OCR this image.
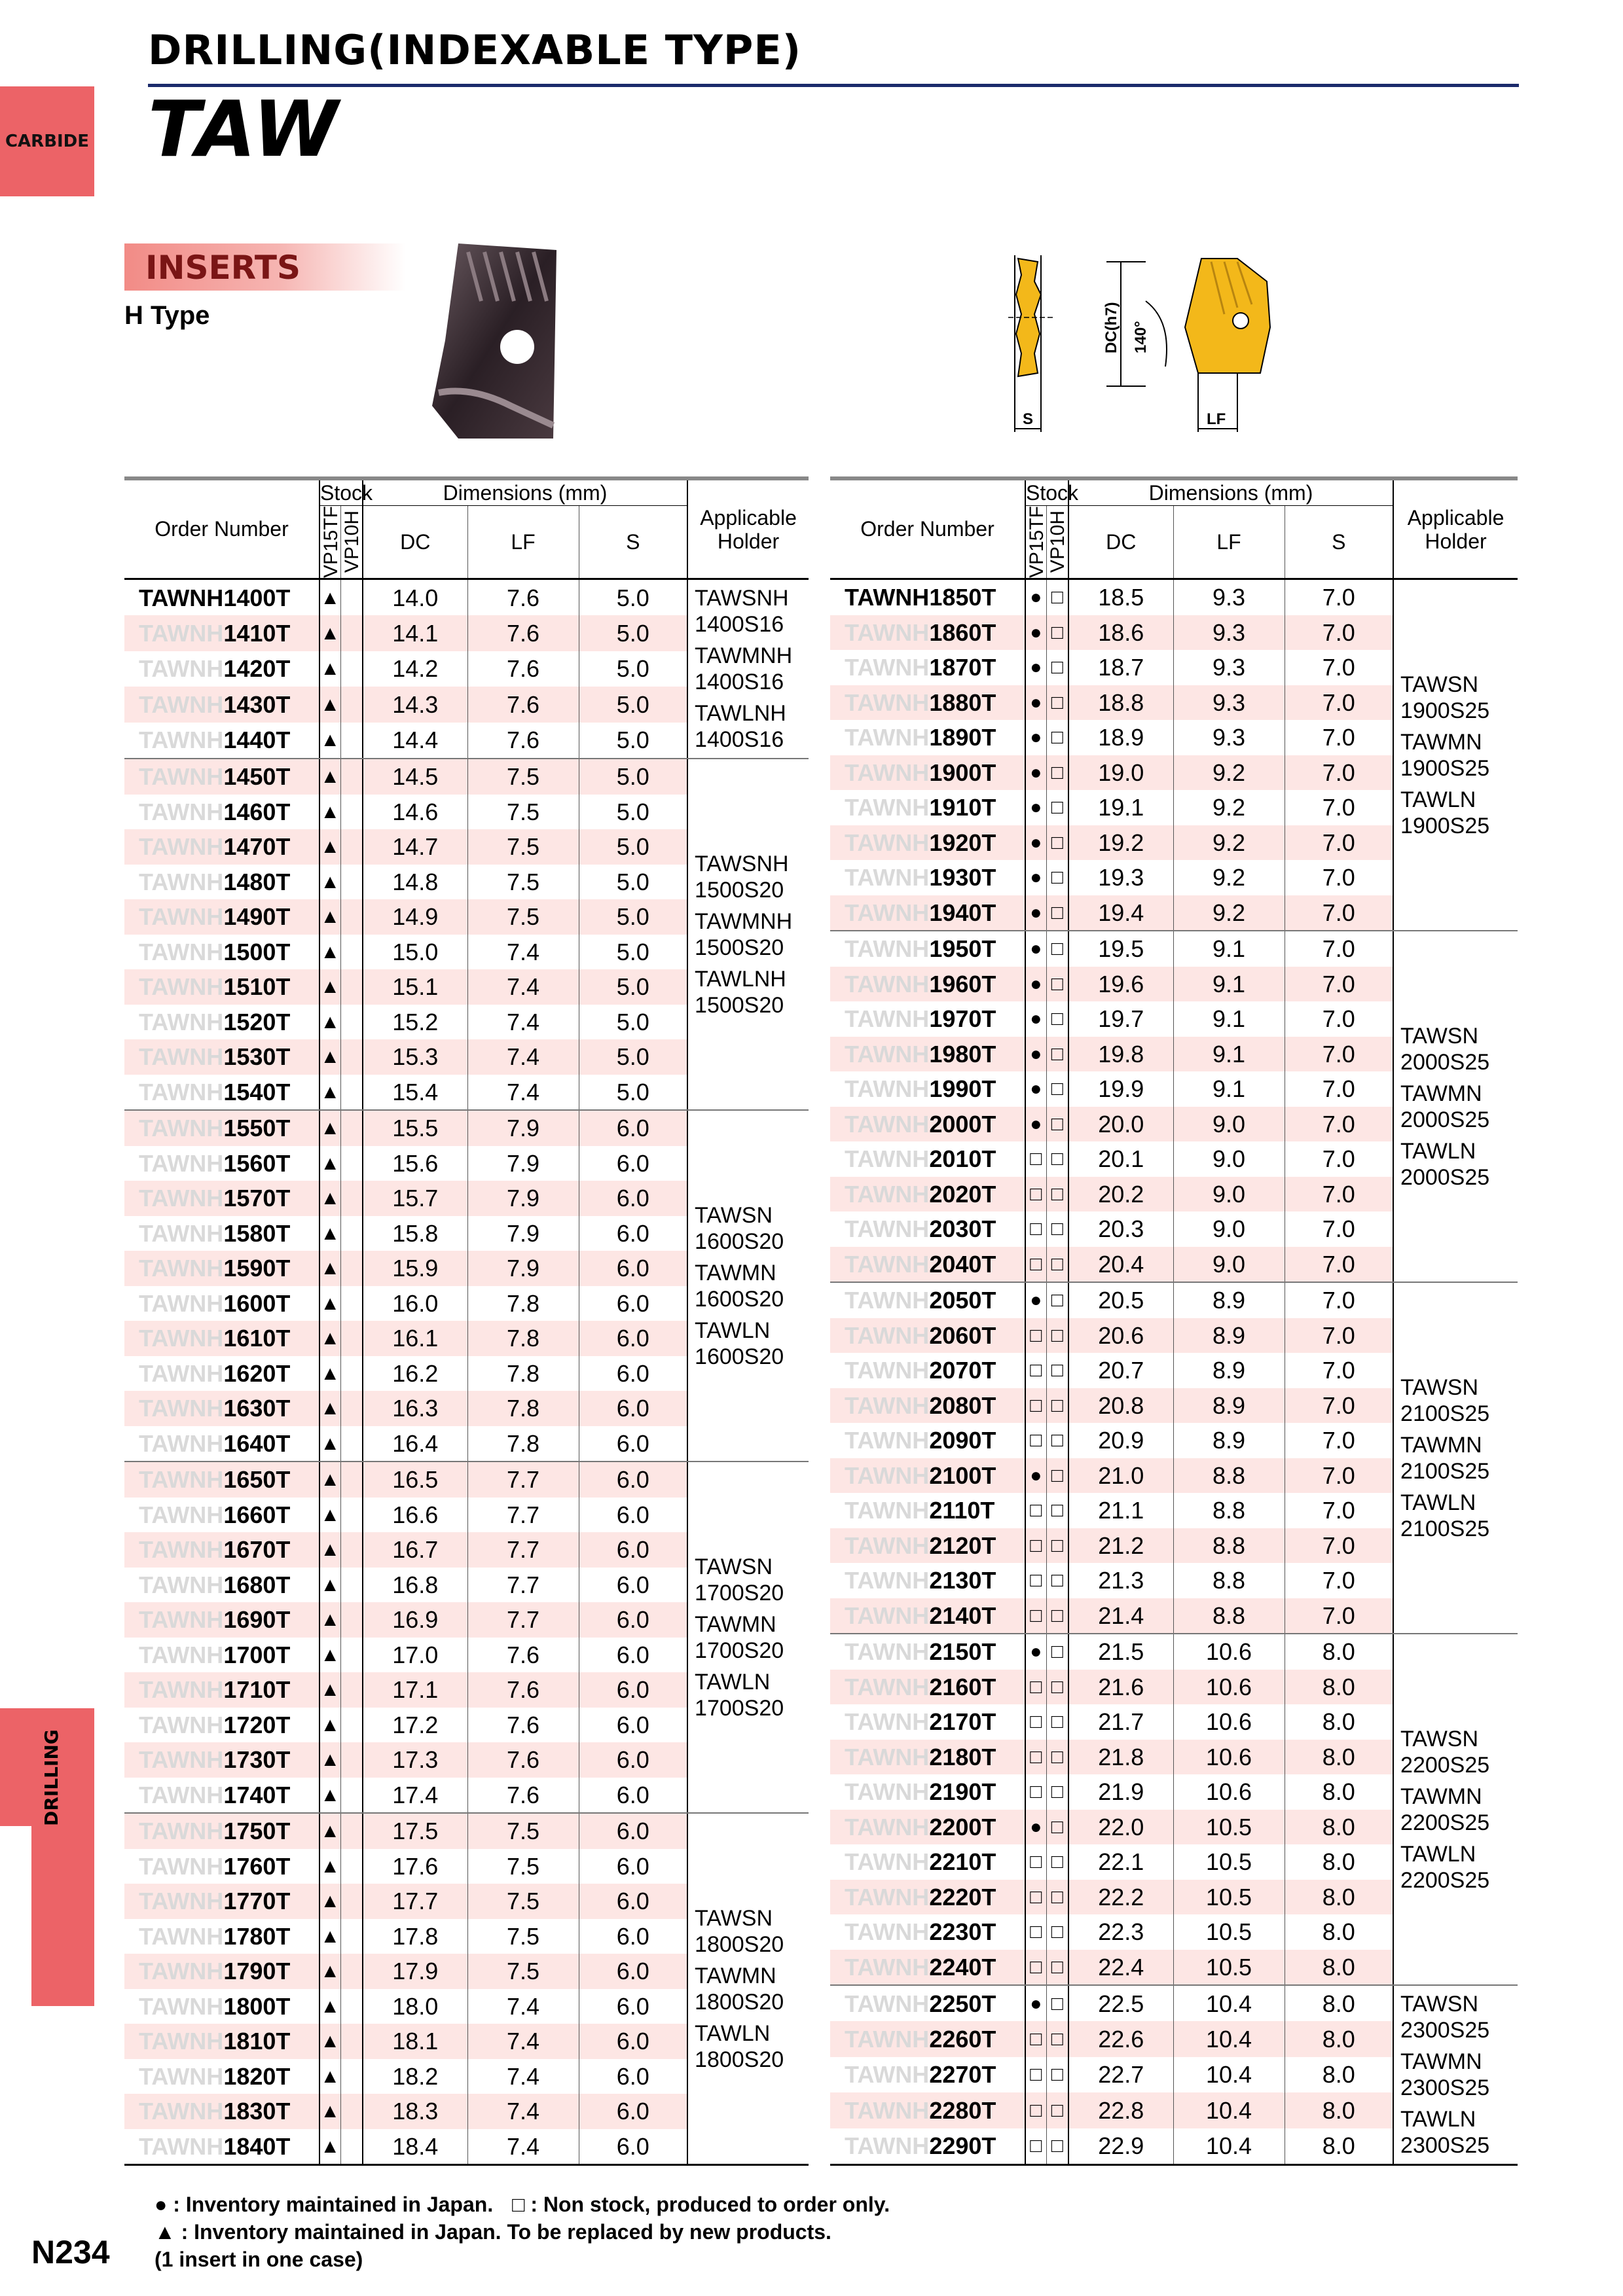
DRILLING(INDEXABLE TYPE)
TAW
CARBIDE
DRILLING
INSERTS
H Type	DC(h7) 140°
S	LF
Order Number	Stock		Dimensions (mm)			Applicable Holder

	VP15TF	VP10H	DC	LF	S	
TAWNH1400T	▲		14.0	7.6	5.0	TAWSNH 1400S16
TAWMNH 1400S16
TAWLNH 1400S16

TAWNH1410T	▲		14.1	7.6	5.0	
TAWNH1420T	▲		14.2	7.6	5.0	
TAWNH1430T	▲		14.3	7.6	5.0	
TAWNH1440T	▲		14.4	7.6	5.0	
TAWNH1450T	▲		14.5	7.5	5.0	TAWSNH 1500S20
TAWMNH 1500S20
TAWLNH 1500S20

TAWNH1460T	▲		14.6	7.5	5.0	
TAWNH1470T	▲		14.7	7.5	5.0	
TAWNH1480T	▲		14.8	7.5	5.0	
TAWNH1490T	▲		14.9	7.5	5.0	
TAWNH1500T	▲		15.0	7.4	5.0	
TAWNH1510T	▲		15.1	7.4	5.0	
TAWNH1520T	▲		15.2	7.4	5.0	
TAWNH1530T	▲		15.3	7.4	5.0	
TAWNH1540T	▲		15.4	7.4	5.0	
TAWNH1550T	▲		15.5	7.9	6.0	TAWSN 1600S20
TAWMN 1600S20
TAWLN 1600S20

TAWNH1560T	▲		15.6	7.9	6.0	
TAWNH1570T	▲		15.7	7.9	6.0	
TAWNH1580T	▲		15.8	7.9	6.0	
TAWNH1590T	▲		15.9	7.9	6.0	
TAWNH1600T	▲		16.0	7.8	6.0	
TAWNH1610T	▲		16.1	7.8	6.0	
TAWNH1620T	▲		16.2	7.8	6.0	
TAWNH1630T	▲		16.3	7.8	6.0	
TAWNH1640T	▲		16.4	7.8	6.0	
TAWNH1650T	▲		16.5	7.7	6.0	TAWSN 1700S20
TAWMN 1700S20
TAWLN 1700S20

TAWNH1660T	▲		16.6	7.7	6.0	
TAWNH1670T	▲		16.7	7.7	6.0	
TAWNH1680T	▲		16.8	7.7	6.0	
TAWNH1690T	▲		16.9	7.7	6.0	
TAWNH1700T	▲		17.0	7.6	6.0	
TAWNH1710T	▲		17.1	7.6	6.0	
TAWNH1720T	▲		17.2	7.6	6.0	
TAWNH1730T	▲		17.3	7.6	6.0	
TAWNH1740T	▲		17.4	7.6	6.0	
TAWNH1750T	▲		17.5	7.5	6.0	TAWSN 1800S20
TAWMN 1800S20
TAWLN 1800S20

TAWNH1760T	▲		17.6	7.5	6.0	
TAWNH1770T	▲		17.7	7.5	6.0	
TAWNH1780T	▲		17.8	7.5	6.0	
TAWNH1790T	▲		17.9	7.5	6.0	
TAWNH1800T	▲		18.0	7.4	6.0	
TAWNH1810T	▲		18.1	7.4	6.0	
TAWNH1820T	▲		18.2	7.4	6.0	
TAWNH1830T	▲		18.3	7.4	6.0	
TAWNH1840T	▲		18.4	7.4	6.0	
Order Number	Stock		Dimensions (mm)			Applicable Holder

	VP15TF	VP10H	DC	LF	S	
TAWNH1850T	●	□	18.5	9.3	7.0	TAWSN 1900S25
TAWMN 1900S25
TAWLN 1900S25

TAWNH1860T	●	□	18.6	9.3	7.0	
TAWNH1870T	●	□	18.7	9.3	7.0	
TAWNH1880T	●	□	18.8	9.3	7.0	
TAWNH1890T	●	□	18.9	9.3	7.0	
TAWNH1900T	●	□	19.0	9.2	7.0	
TAWNH1910T	●	□	19.1	9.2	7.0	
TAWNH1920T	●	□	19.2	9.2	7.0	
TAWNH1930T	●	□	19.3	9.2	7.0	
TAWNH1940T	●	□	19.4	9.2	7.0	
TAWNH1950T	●	□	19.5	9.1	7.0	TAWSN 2000S25
TAWMN 2000S25
TAWLN 2000S25

TAWNH1960T	●	□	19.6	9.1	7.0	
TAWNH1970T	●	□	19.7	9.1	7.0	
TAWNH1980T	●	□	19.8	9.1	7.0	
TAWNH1990T	●	□	19.9	9.1	7.0	
TAWNH2000T	●	□	20.0	9.0	7.0	
TAWNH2010T	□	□	20.1	9.0	7.0	
TAWNH2020T	□	□	20.2	9.0	7.0	
TAWNH2030T	□	□	20.3	9.0	7.0	
TAWNH2040T	□	□	20.4	9.0	7.0	
TAWNH2050T	●	□	20.5	8.9	7.0	TAWSN 2100S25
TAWMN 2100S25
TAWLN 2100S25

TAWNH2060T	□	□	20.6	8.9	7.0	
TAWNH2070T	□	□	20.7	8.9	7.0	
TAWNH2080T	□	□	20.8	8.9	7.0	
TAWNH2090T	□	□	20.9	8.9	7.0	
TAWNH2100T	●	□	21.0	8.8	7.0	
TAWNH2110T	□	□	21.1	8.8	7.0	
TAWNH2120T	□	□	21.2	8.8	7.0	
TAWNH2130T	□	□	21.3	8.8	7.0	
TAWNH2140T	□	□	21.4	8.8	7.0	
TAWNH2150T	●	□	21.5	10.6	8.0	TAWSN 2200S25
TAWMN 2200S25
TAWLN 2200S25

TAWNH2160T	□	□	21.6	10.6	8.0	
TAWNH2170T	□	□	21.7	10.6	8.0	
TAWNH2180T	□	□	21.8	10.6	8.0	
TAWNH2190T	□	□	21.9	10.6	8.0	
TAWNH2200T	●	□	22.0	10.5	8.0	
TAWNH2210T	□	□	22.1	10.5	8.0	
TAWNH2220T	□	□	22.2	10.5	8.0	
TAWNH2230T	□	□	22.3	10.5	8.0	
TAWNH2240T	□	□	22.4	10.5	8.0	
TAWNH2250T	●	□	22.5	10.4	8.0	TAWSN 2300S25
TAWMN 2300S25
TAWLN 2300S25

TAWNH2260T	□	□	22.6	10.4	8.0	
TAWNH2270T	□	□	22.7	10.4	8.0	
TAWNH2280T	□	□	22.8	10.4	8.0	
TAWNH2290T	□	□	22.9	10.4	8.0	
● : Inventory maintained in Japan. □ : Non stock, produced to order only.
▲ : Inventory maintained in Japan. To be replaced by new products.
(1 insert in one case)
N234
